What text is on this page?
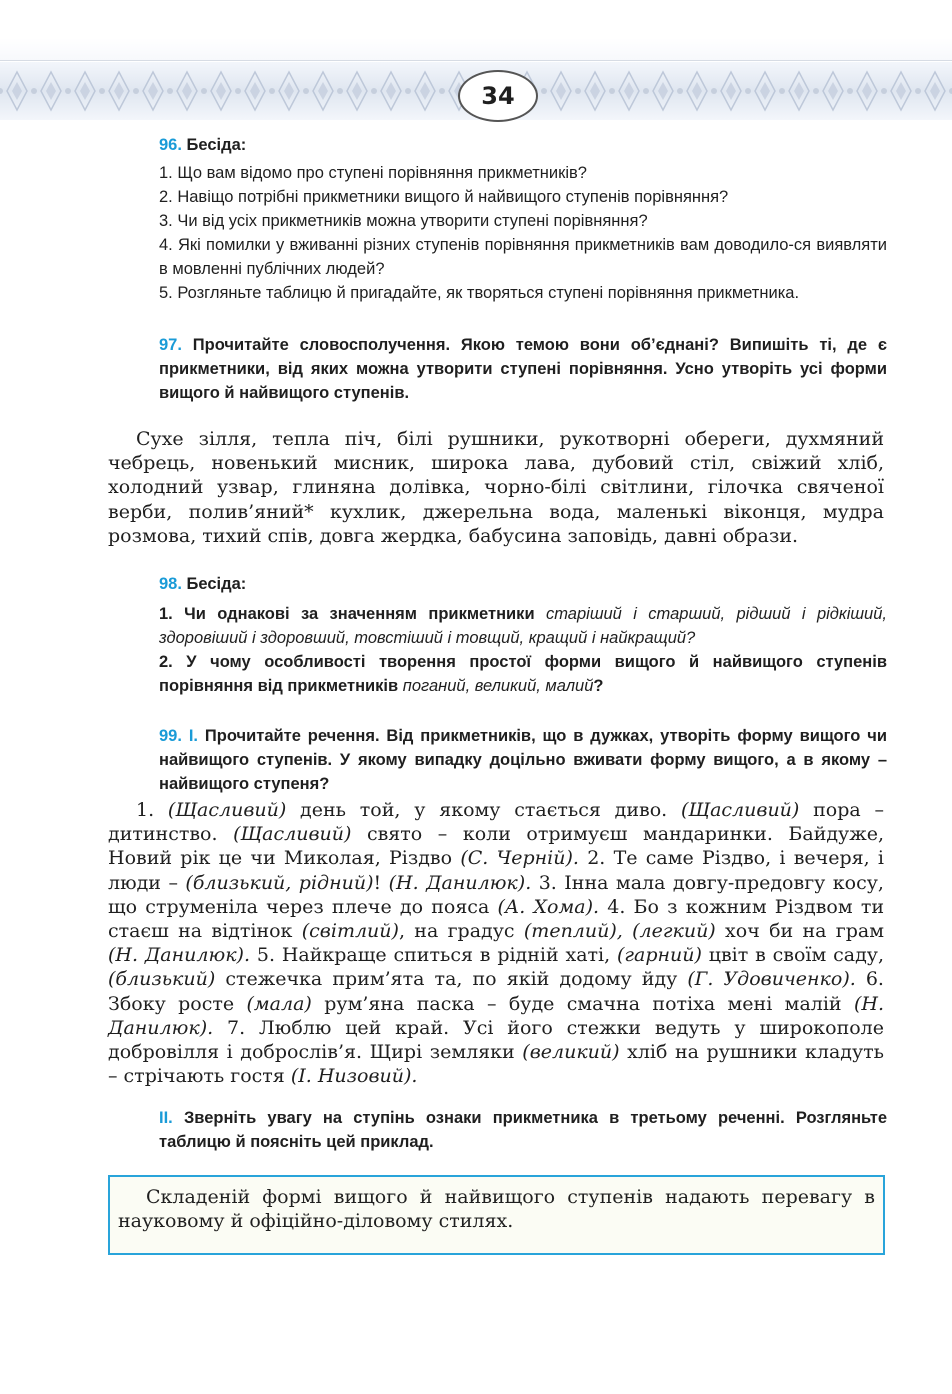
34
96. Бесіда:
1. Що вам відомо про ступені порівняння прикметників?
2. Навіщо потрібні прикметники вищого й найвищого ступенів порівняння?
3. Чи від усіх прикметників можна утворити ступені порівняння?
4. Які помилки у вживанні різних ступенів порівняння прикметників вам доводило-ся виявляти в мовленні публічних людей?
5. Розгляньте таблицю й пригадайте, як творяться ступені порівняння прикметника.
97. Прочитайте словосполучення. Якою темою вони об’єднані? Випишіть ті, де є прикметники, від яких можна утворити ступені порівняння. Усно утворіть усі форми вищого й найвищого ступенів.
Сухе зілля, тепла піч, білі рушники, рукотворні обереги, духмяний чебрець, новенький мисник, широка лава, дубовий стіл, свіжий хліб, холодний узвар, глиняна долівка, чорно-білі світлини, гілочка свяченої верби, полив’яний* кухлик, джерельна вода, маленькі віконця, мудра розмова, тихий спів, довга жердка, бабусина заповідь, давні образи.
98. Бесіда:
1. Чи однакові за значенням прикметники старіший і старший, рідший і рідкіший, здоровіший і здоровший, товстіший і товщий, кращий і найкращий?
2. У чому особливості творення простої форми вищого й найвищого ступенів порівняння від прикметників поганий, великий, малий?
99. І. Прочитайте речення. Від прикметників, що в дужках, утворіть форму вищого чи найвищого ступенів. У якому випадку доцільно вживати форму вищого, а в якому – найвищого ступеня?
1. (Щасливий) день той, у якому стається диво. (Щасливий) пора – дитинство. (Щасливий) свято – коли отримуєш мандаринки. Байдуже, Новий рік це чи Миколая, Різдво (С. Черній). 2. Те саме Різдво, і вечеря, і люди – (близький, рідний)! (Н. Данилюк). 3. Інна мала довгу-предовгу косу, що струменіла через плече до пояса (А. Хома). 4. Бо з кожним Різдвом ти стаєш на відтінок (світлий), на градус (теплий), (легкий) хоч би на грам (Н. Данилюк). 5. Найкраще спиться в рідній хаті, (гарний) цвіт в своїм саду, (близький) стежечка прим’ята та, по якій додому йду (Г. Удовиченко). 6. Збоку росте (мала) рум’яна паска – буде смачна потіха мені малій (Н. Данилюк). 7. Люблю цей край. Усі його стежки ведуть у широкополе добровілля і доброслів’я. Щирі земляки (великий) хліб на рушники кладуть – стрічають гостя (І. Низовий).
ІІ. Зверніть увагу на ступінь ознаки прикметника в третьому реченні. Розгляньте таблицю й поясніть цей приклад.
Складеній формі вищого й найвищого ступенів надають перевагу в науковому й офіційно-діловому стилях.
